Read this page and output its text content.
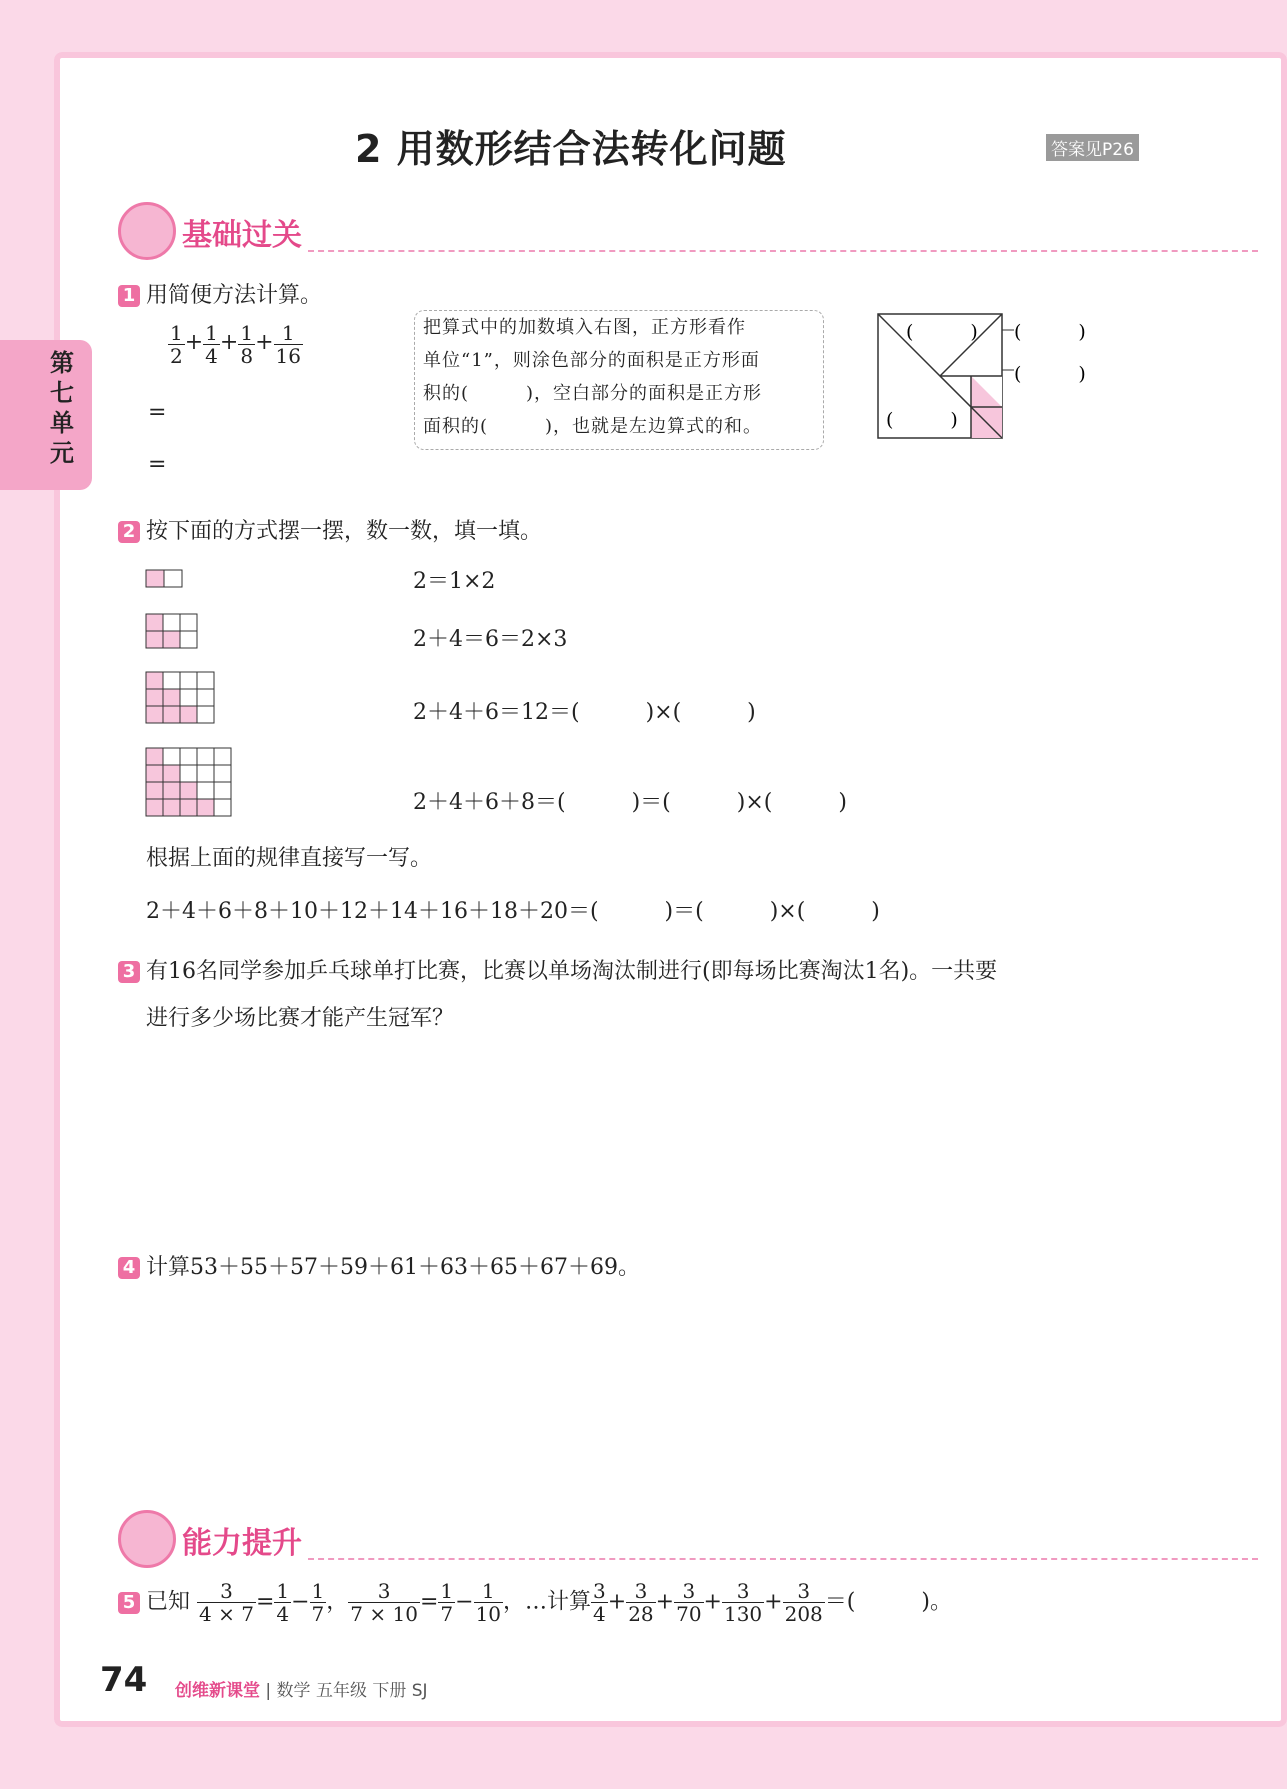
第七单元
2 用数形结合法转化问题	答案见P26
基础过关
1 用简便方法计算。
$\frac{1}{2} + \frac{1}{4} + \frac{1}{8} + \frac{1}{16}$
=
=
把算式中的加数填入右图，正方形看作
单位“1”，则涂色部分的面积是正方形面
积的(　　　)，空白部分的面积是正方形
面积的(　　　)，也就是左边算式的和。
(　　　) (　　　)
(　　　)
(　　　)
2 按下面的方式摆一摆，数一数，填一填。
2＝1×2
2＋4＝6＝2×3
2＋4＋6＝12＝(　　　)×(　　　)
2＋4＋6＋8＝(　　　)＝(　　　)×(　　　)
根据上面的规律直接写一写。
2＋4＋6＋8＋10＋12＋14＋16＋18＋20＝(　　　)＝(　　　)×(　　　)
3 有16名同学参加乒乓球单打比赛，比赛以单场淘汰制进行(即每场比赛淘汰1名)。一共要
进行多少场比赛才能产生冠军？
4 计算53＋55＋57＋59＋61＋63＋65＋67＋69。
能力提升
5 已知 $\frac{3}{4 \times 7} = \frac{1}{4} - \frac{1}{7}$ ， $\frac{3}{7 \times 10} = \frac{1}{7} - \frac{1}{10}$ ，…计算 $\frac{3}{4} + \frac{3}{28} + \frac{3}{70} + \frac{3}{130} + \frac{3}{208}$ ＝(　　　)。
74 创维新课堂 | 数学 五年级 下册 SJ
